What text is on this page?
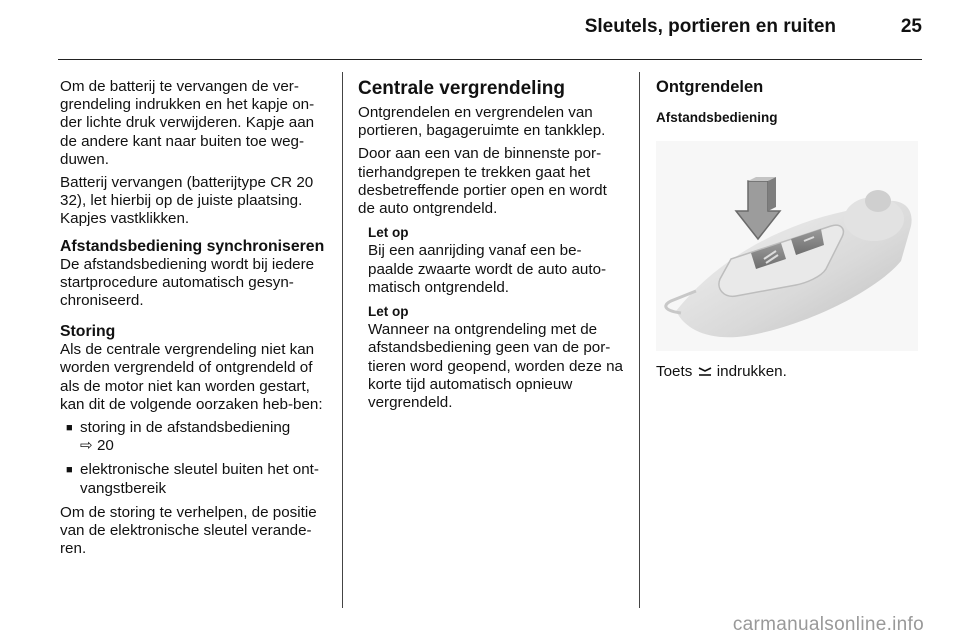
Sleutels, portieren en ruiten	25

Om de batterij te vervangen de ver-grendeling indrukken en het kapje on-der lichte druk verwijderen. Kapje aan de andere kant naar buiten toe weg-duwen.

Batterij vervangen (batterijtype CR 20 32), let hierbij op de juiste plaatsing. Kapjes vastklikken.

Afstandsbediening synchroniseren

De afstandsbediening wordt bij iedere startprocedure automatisch gesyn-chroniseerd.

Storing

Als de centrale vergrendeling niet kan worden vergrendeld of ontgrendeld of als de motor niet kan worden gestart, kan dit de volgende oorzaken heb-ben:

■ storing in de afstandsbediening
⇨ 20
■ elektronische sleutel buiten het ont-vangstbereik

Om de storing te verhelpen, de positie van de elektronische sleutel verande-ren.

Centrale vergrendeling

Ontgrendelen en vergrendelen van portieren, bagageruimte en tankklep.

Door aan een van de binnenste por-tierhandgrepen te trekken gaat het desbetreffende portier open en wordt de auto ontgrendeld.

Let op

Bij een aanrijding vanaf een be-paalde zwaarte wordt de auto auto-matisch ontgrendeld.

Let op

Wanneer na ontgrendeling met de afstandsbediening geen van de por-tieren word geopend, worden deze na korte tijd automatisch opnieuw vergrendeld.

Ontgrendelen
Afstandsbediening
Toets indrukken.
carmanualsonline.info
